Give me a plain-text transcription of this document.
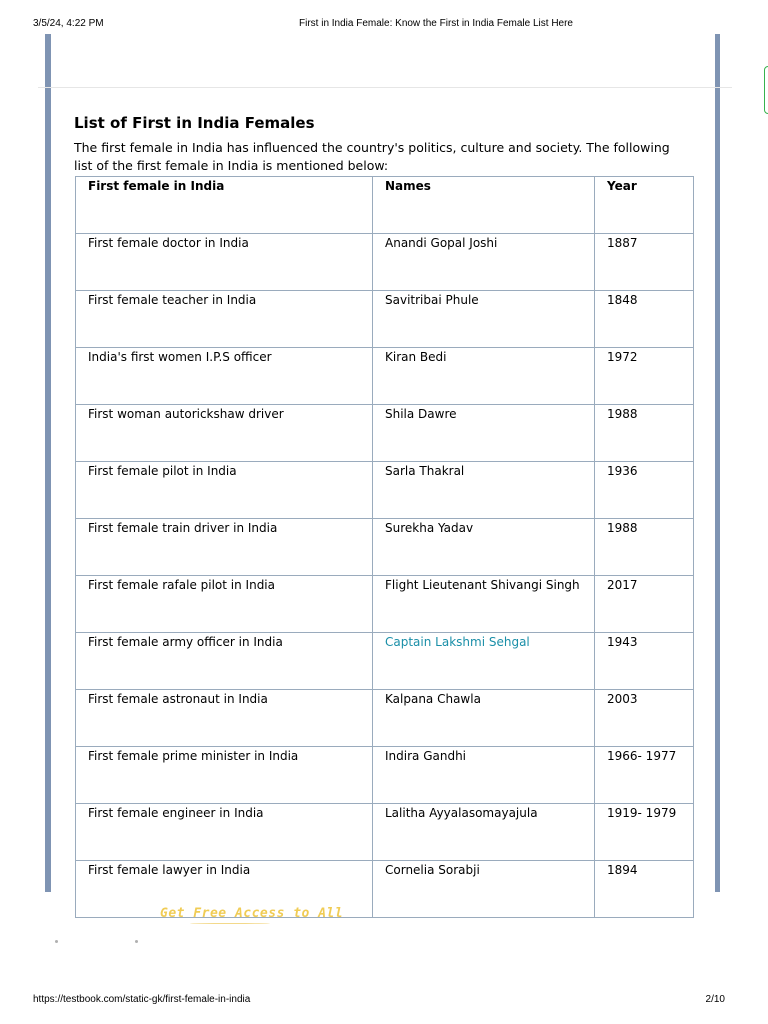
3/5/24, 4:22 PM	First in India Female: Know the First in India Female List Here
List of First in India Females

The first female in India has influenced the country's politics, culture and society. The following list of the first female in India is mentioned below:

First female in India	Names	Year
First female doctor in India	Anandi Gopal Joshi	1887
First female teacher in India	Savitribai Phule	1848
India's first women I.P.S officer	Kiran Bedi	1972
First woman autorickshaw driver	Shila Dawre	1988
First female pilot in India	Sarla Thakral	1936
First female train driver in India	Surekha Yadav	1988
First female rafale pilot in India	Flight Lieutenant Shivangi Singh	2017
First female army officer in India	Captain Lakshmi Sehgal	1943
First female astronaut in India	Kalpana Chawla	2003
First female prime minister in India	Indira Gandhi	1966- 1977
First female engineer in India	Lalitha Ayyalasomayajula	1919- 1979
First female lawyer in India	Cornelia Sorabji	1894
Get Free Access to All
https://testbook.com/static-gk/first-female-in-india	2/10
